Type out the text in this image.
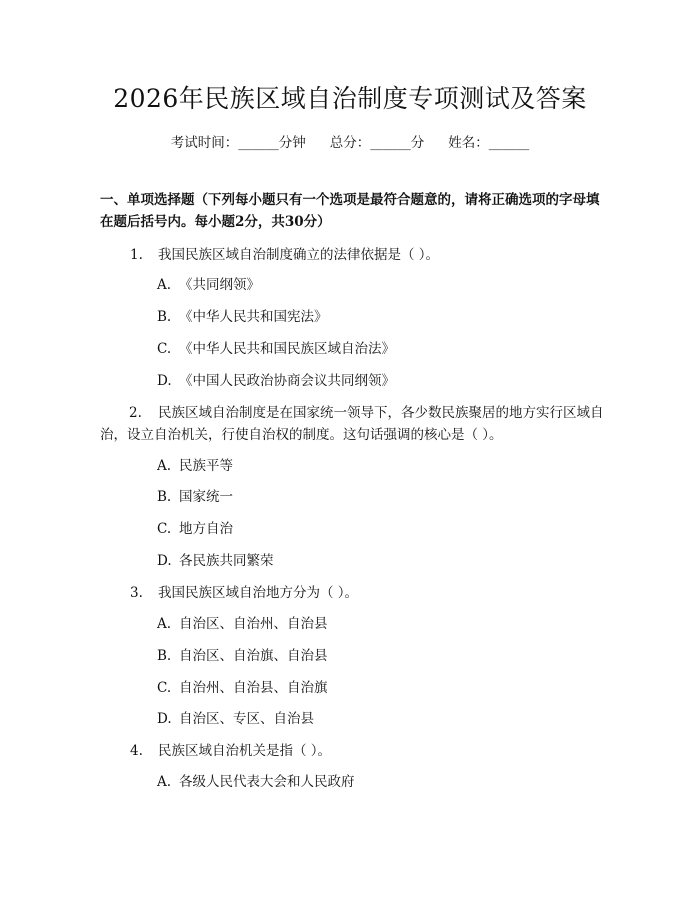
2026年民族区域自治制度专项测试及答案
考试时间：______分钟 总分：______分 姓名：______
一、单项选择题（下列每小题只有一个选项是最符合题意的，请将正确选项的字母填在题后括号内。每小题2分，共30分）
1. 我国民族区域自治制度确立的法律依据是（ ）。
A. 《共同纲领》
B. 《中华人民共和国宪法》
C. 《中华人民共和国民族区域自治法》
D. 《中国人民政治协商会议共同纲领》
2. 民族区域自治制度是在国家统一领导下，各少数民族聚居的地方实行区域自治，设立自治机关，行使自治权的制度。这句话强调的核心是（ ）。
A. 民族平等
B. 国家统一
C. 地方自治
D. 各民族共同繁荣
3. 我国民族区域自治地方分为（ ）。
A. 自治区、自治州、自治县
B. 自治区、自治旗、自治县
C. 自治州、自治县、自治旗
D. 自治区、专区、自治县
4. 民族区域自治机关是指（ ）。
A. 各级人民代表大会和人民政府
